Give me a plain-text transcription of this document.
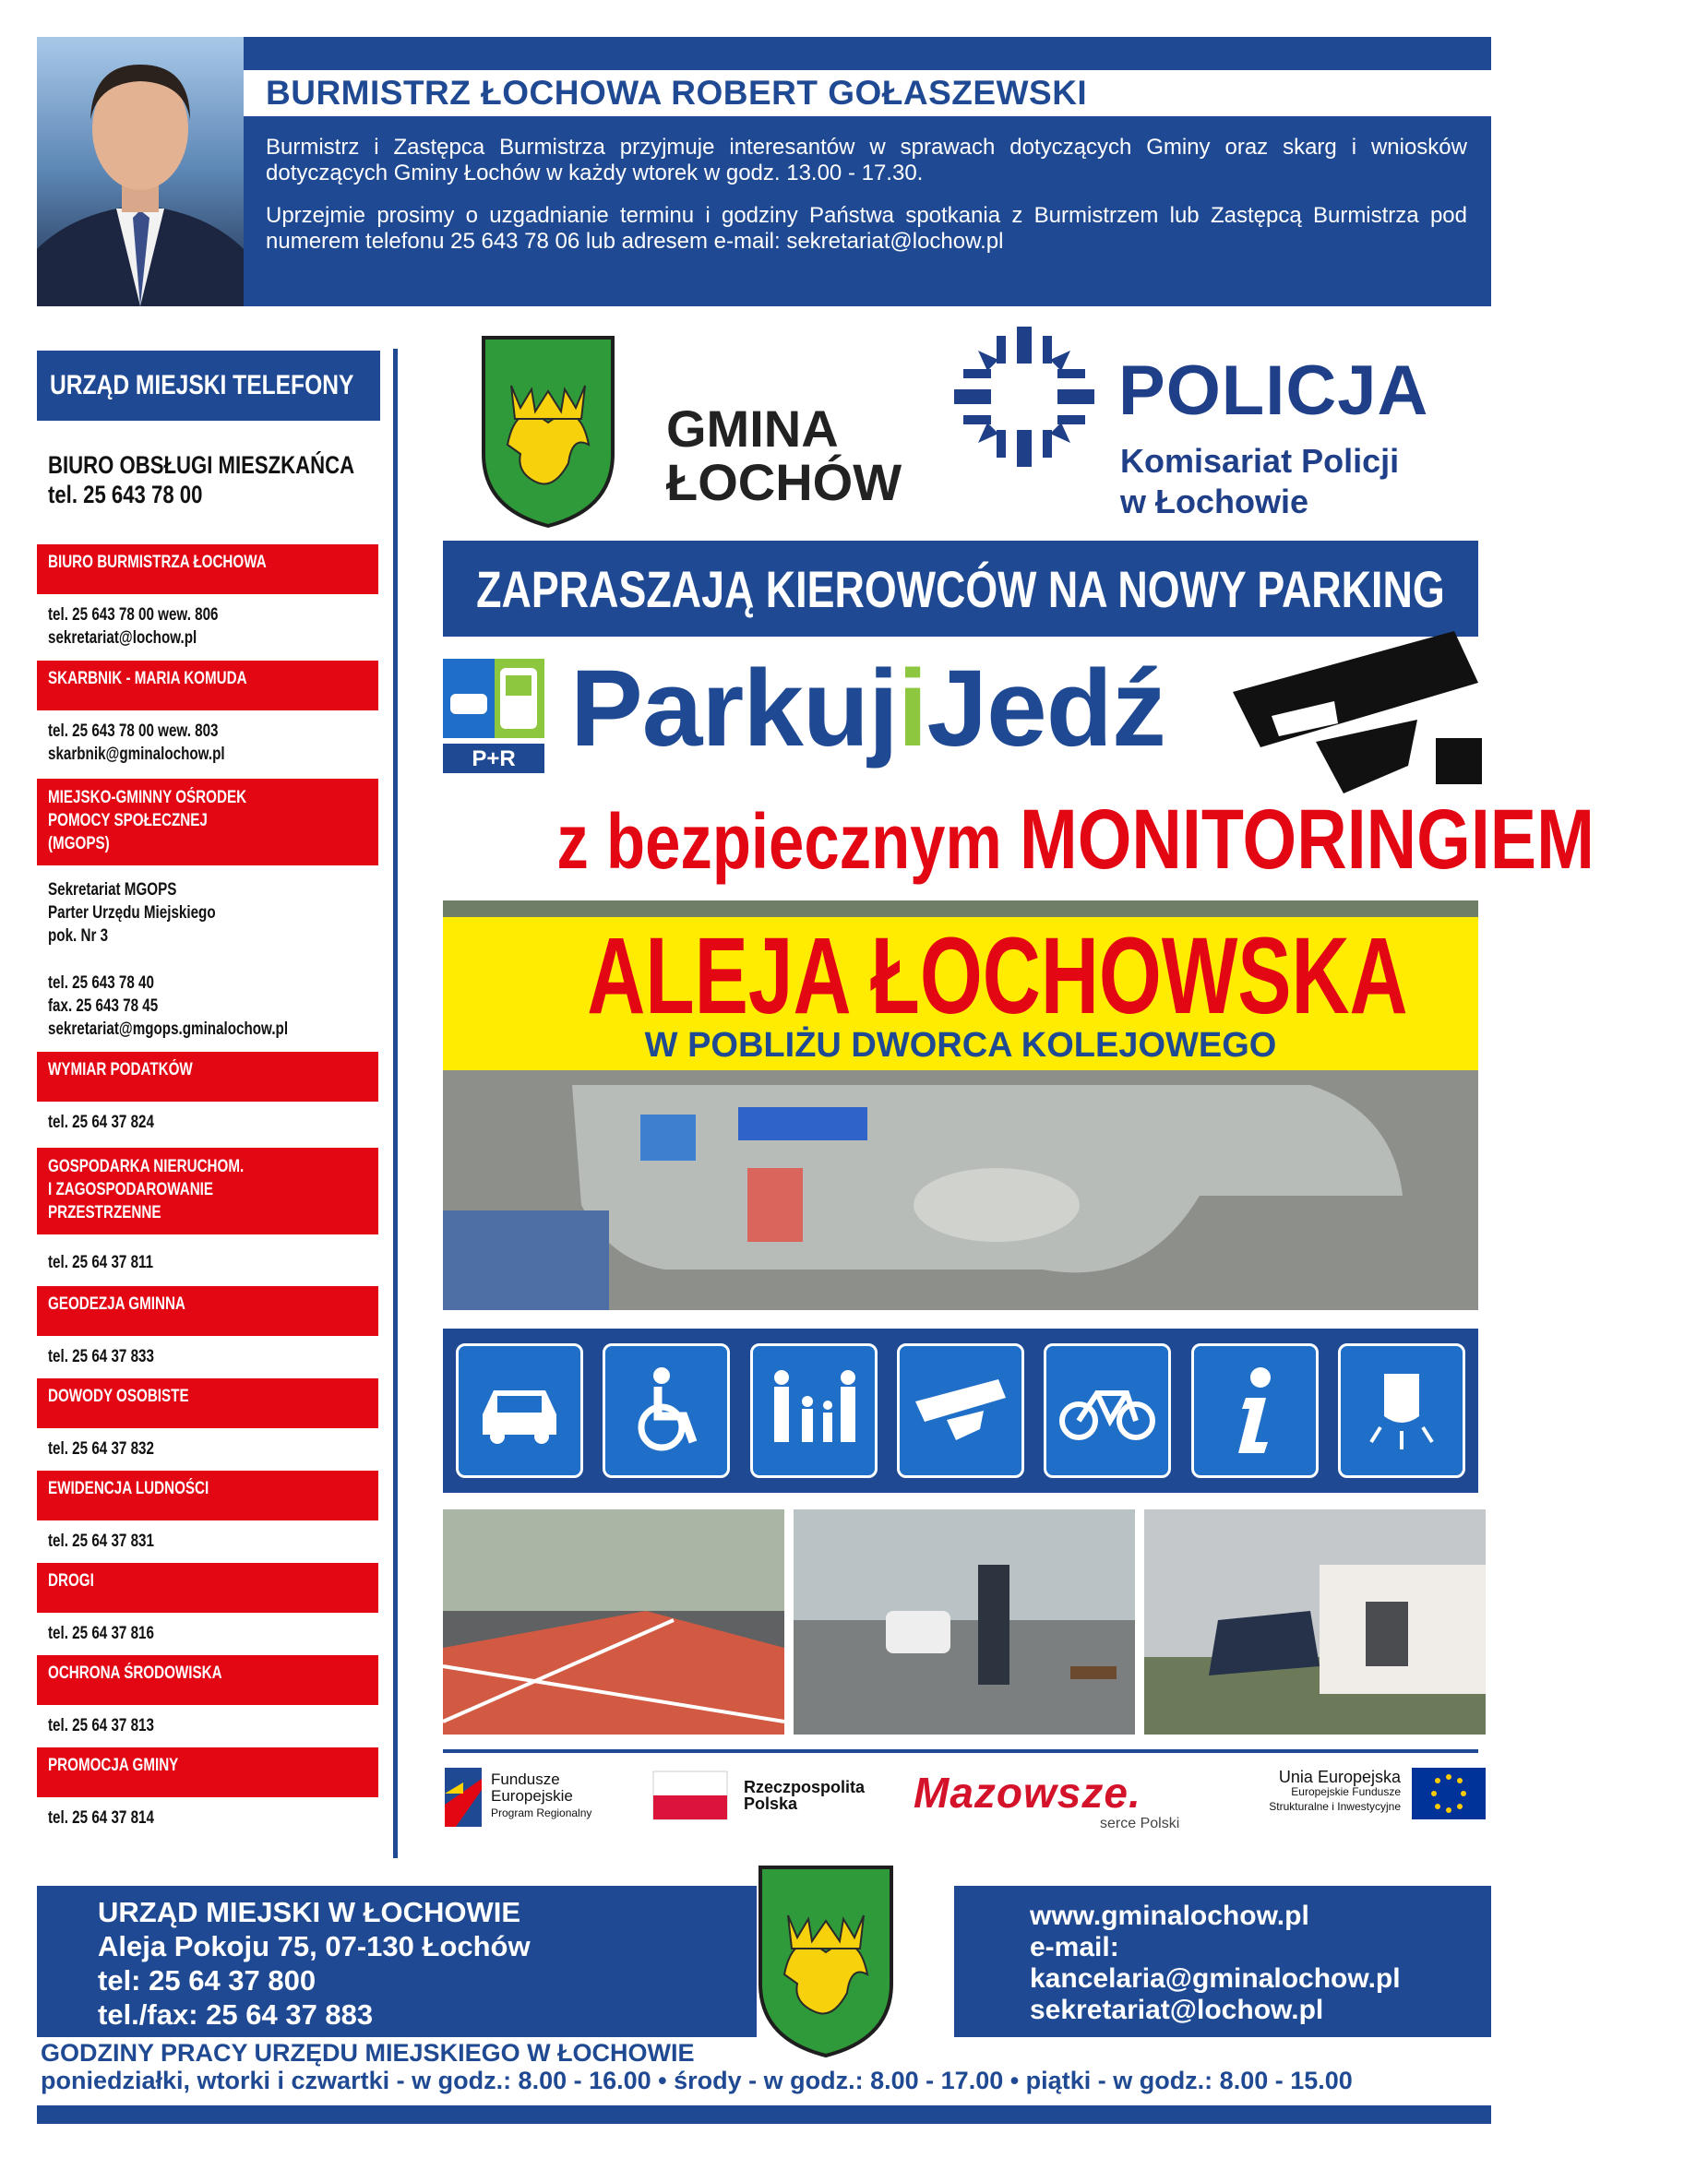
BURMISTRZ ŁOCHOWA ROBERT GOŁASZEWSKI

Burmistrz i Zastępca Burmistrza przyjmuje interesantów w sprawach dotyczących Gminy oraz skarg i wniosków dotyczących Gminy Łochów w każdy wtorek w godz. 13.00 - 17.30.

Uprzejmie prosimy o uzgadnianie terminu i godziny Państwa spotkania z Burmistrzem lub Zastępcą Burmistrza pod numerem telefonu 25 643 78 06 lub adresem e-mail: sekretariat@lochow.pl

URZĄD MIEJSKI TELEFONY
BIURO OBSŁUGI MIESZKAŃCA
tel. 25 643 78 00
BIURO BURMISTRZA ŁOCHOWA
tel. 25 643 78 00 wew. 806
sekretariat@lochow.pl
SKARBNIK - MARIA KOMUDA
tel. 25 643 78 00 wew. 803
skarbnik@gminalochow.pl
MIEJSKO-GMINNY OŚRODEK
POMOCY SPOŁECZNEJ
(MGOPS)
Sekretariat MGOPS
Parter Urzędu Miejskiego
pok. Nr 3
tel. 25 643 78 40
fax. 25 643 78 45
sekretariat@mgops.gminalochow.pl
WYMIAR PODATKÓW
tel. 25 64 37 824
GOSPODARKA NIERUCHOM.
I ZAGOSPODAROWANIE
PRZESTRZENNE
tel. 25 64 37 811
GEODEZJA GMINNA
tel. 25 64 37 833
DOWODY OSOBISTE
tel. 25 64 37 832
EWIDENCJA LUDNOŚCI
tel. 25 64 37 831
DROGI
tel. 25 64 37 816
OCHRONA ŚRODOWISKA
tel. 25 64 37 813
PROMOCJA GMINY
tel. 25 64 37 814
GMINA
ŁOCHÓW
POLICJA
Komisariat Policji
w Łochowie
ZAPRASZAJĄ KIEROWCÓW NA NOWY PARKING
P+R ParkujiJedź
z bezpiecznym MONITORINGIEM
ALEJA ŁOCHOWSKA
W POBLIŻU DWORCA KOLEJOWEGO
Fundusze
Europejskie
Program Regionalny
Rzeczpospolita
Polska	Mazowsze.
serce Polski
Unia Europejska
Europejskie Fundusze
Strukturalne i Inwestycyjne
URZĄD MIEJSKI W ŁOCHOWIE
Aleja Pokoju 75, 07-130 Łochów
tel: 25 64 37 800
tel./fax: 25 64 37 883
www.gminalochow.pl
e-mail:
kancelaria@gminalochow.pl
sekretariat@lochow.pl
GODZINY PRACY URZĘDU MIEJSKIEGO W ŁOCHOWIE
poniedziałki, wtorki i czwartki - w godz.: 8.00 - 16.00 • środy - w godz.: 8.00 - 17.00 • piątki - w godz.: 8.00 - 15.00
